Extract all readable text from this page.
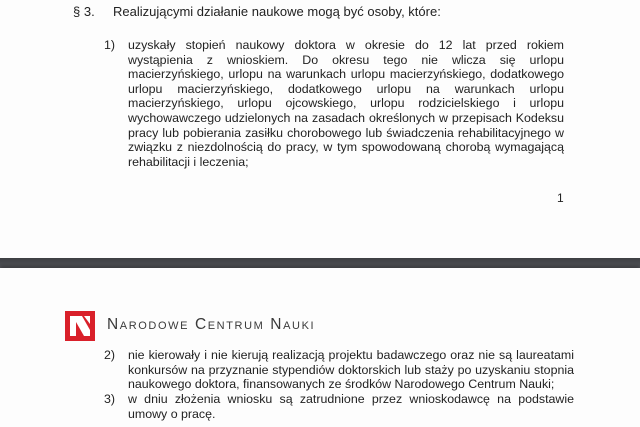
§ 3. Realizującymi działanie naukowe mogą być osoby, które:
1)	uzyskały stopień naukowy doktora w okresie do 12 lat przed rokiem wystąpienia z wnioskiem. Do okresu tego nie wlicza się urlopu macierzyńskiego, urlopu na warunkach urlopu macierzyńskiego, dodatkowego urlopu macierzyńskiego, dodatkowego urlopu na warunkach urlopu macierzyńskiego, urlopu ojcowskiego, urlopu rodzicielskiego i urlopu wychowawczego udzielonych na zasadach określonych w przepisach Kodeksu pracy lub pobierania zasiłku chorobowego lub świadczenia rehabilitacyjnego w związku z niezdolnością do pracy, w tym spowodowaną chorobą wymagającą rehabilitacji i leczenia;
1
Narodowe Centrum Nauki
2)	nie kierowały i nie kierują realizacją projektu badawczego oraz nie są laureatami konkursów na przyznanie stypendiów doktorskich lub staży po uzyskaniu stopnia naukowego doktora, finansowanych ze środków Narodowego Centrum Nauki;
3)	w dniu złożenia wniosku są zatrudnione przez wnioskodawcę na podstawie umowy o pracę.
